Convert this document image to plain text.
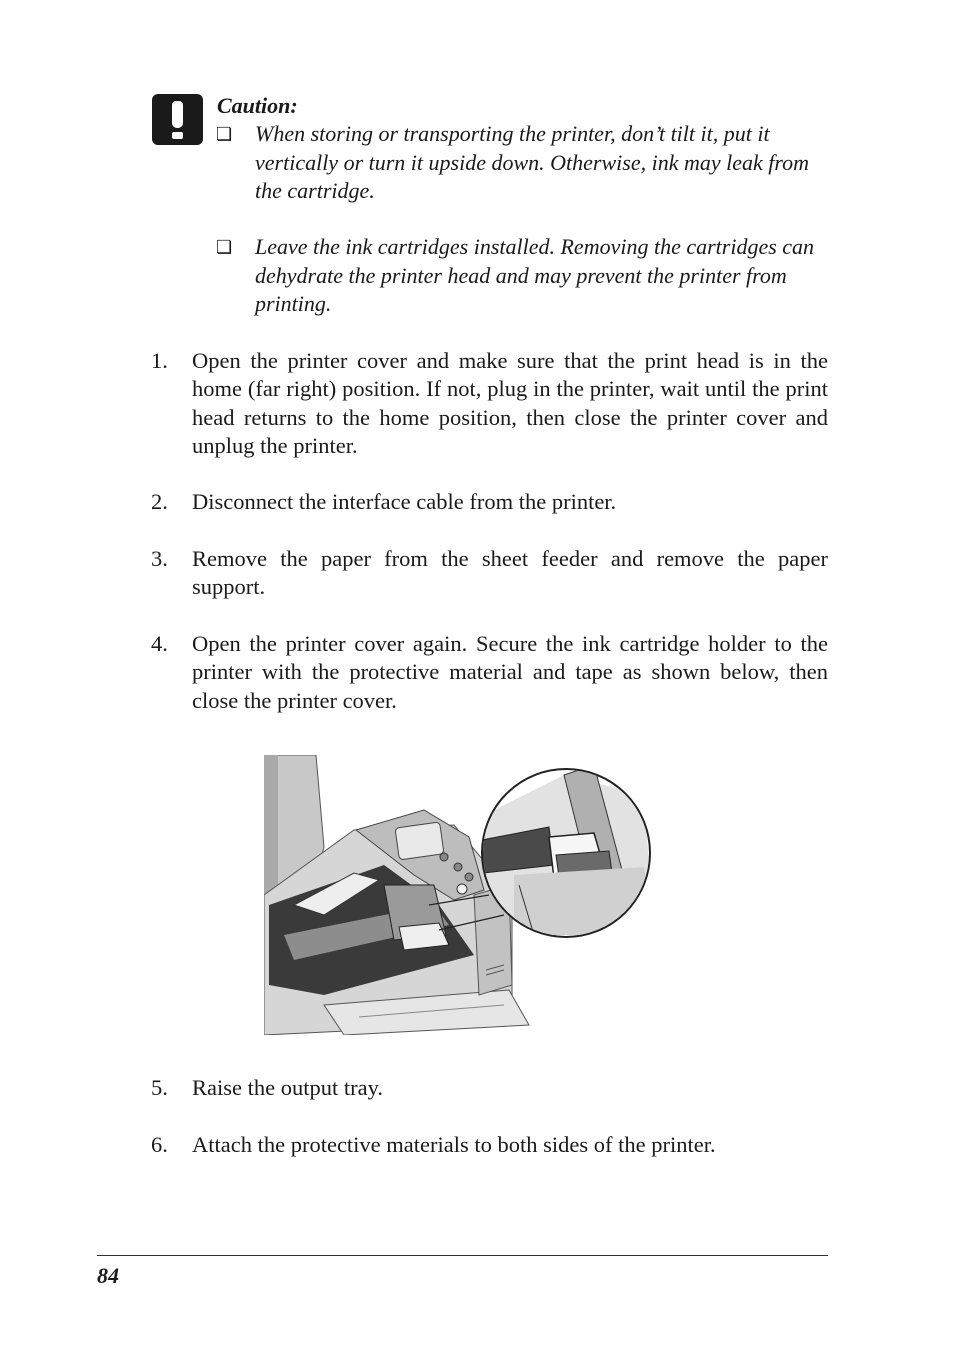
Caution:
❏ When storing or transporting the printer, don’t tilt it, put it vertically or turn it upside down. Otherwise, ink may leak from the cartridge.
❏ Leave the ink cartridges installed. Removing the cartridges can dehydrate the printer head and may prevent the printer from printing.
1. Open the printer cover and make sure that the print head is in the home (far right) position. If not, plug in the printer, wait until the print head returns to the home position, then close the printer cover and unplug the printer.
2. Disconnect the interface cable from the printer.
3. Remove the paper from the sheet feeder and remove the paper support.
4. Open the printer cover again. Secure the ink cartridge holder to the printer with the protective material and tape as shown below, then close the printer cover.
5. Raise the output tray.
6. Attach the protective materials to both sides of the printer.
84
